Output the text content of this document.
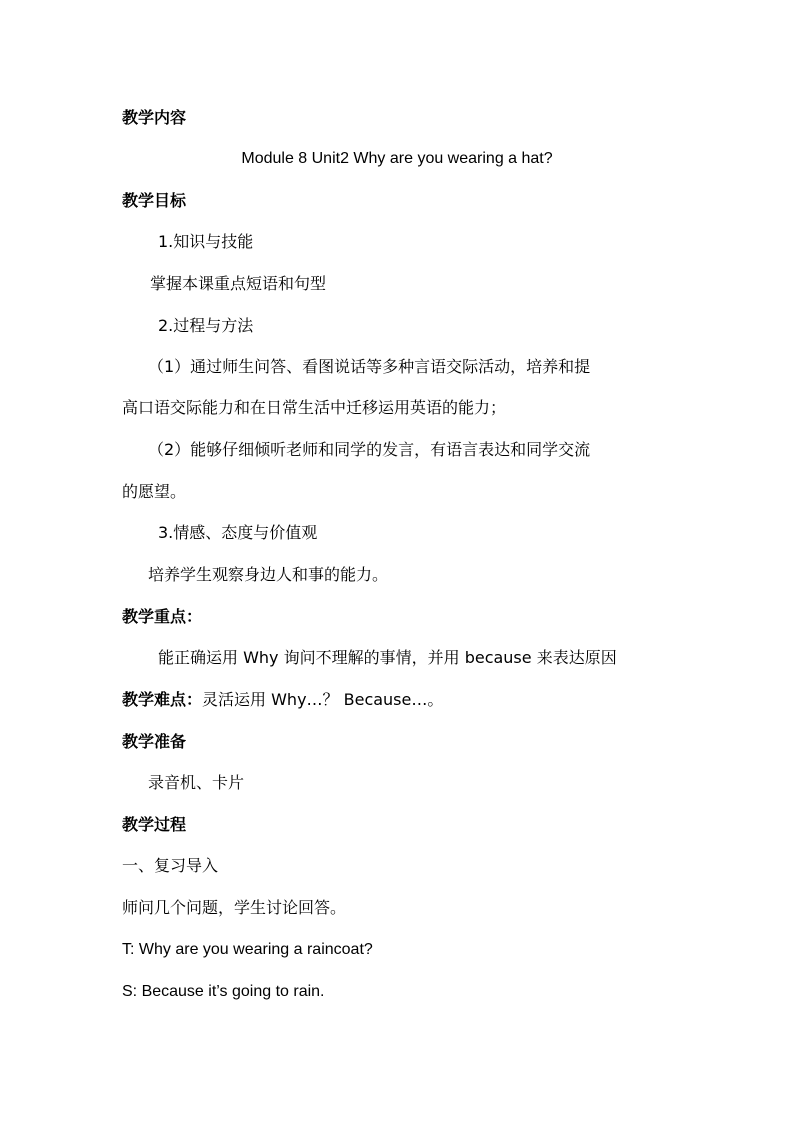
教学内容
Module 8 Unit2 Why are you wearing a hat?
教学目标
1.知识与技能
掌握本课重点短语和句型
2.过程与方法
（1）通过师生问答、看图说话等多种言语交际活动，培养和提
高口语交际能力和在日常生活中迁移运用英语的能力；
（2）能够仔细倾听老师和同学的发言，有语言表达和同学交流
的愿望。
3.情感、态度与价值观
培养学生观察身边人和事的能力。
教学重点：
能正确运用 Why 询问不理解的事情，并用 because 来表达原因
教学难点：灵活运用 Why…？ Because…。
教学准备
录音机、卡片
教学过程
一、复习导入
师问几个问题，学生讨论回答。
T: Why are you wearing a raincoat?
S: Because it’s going to rain.
